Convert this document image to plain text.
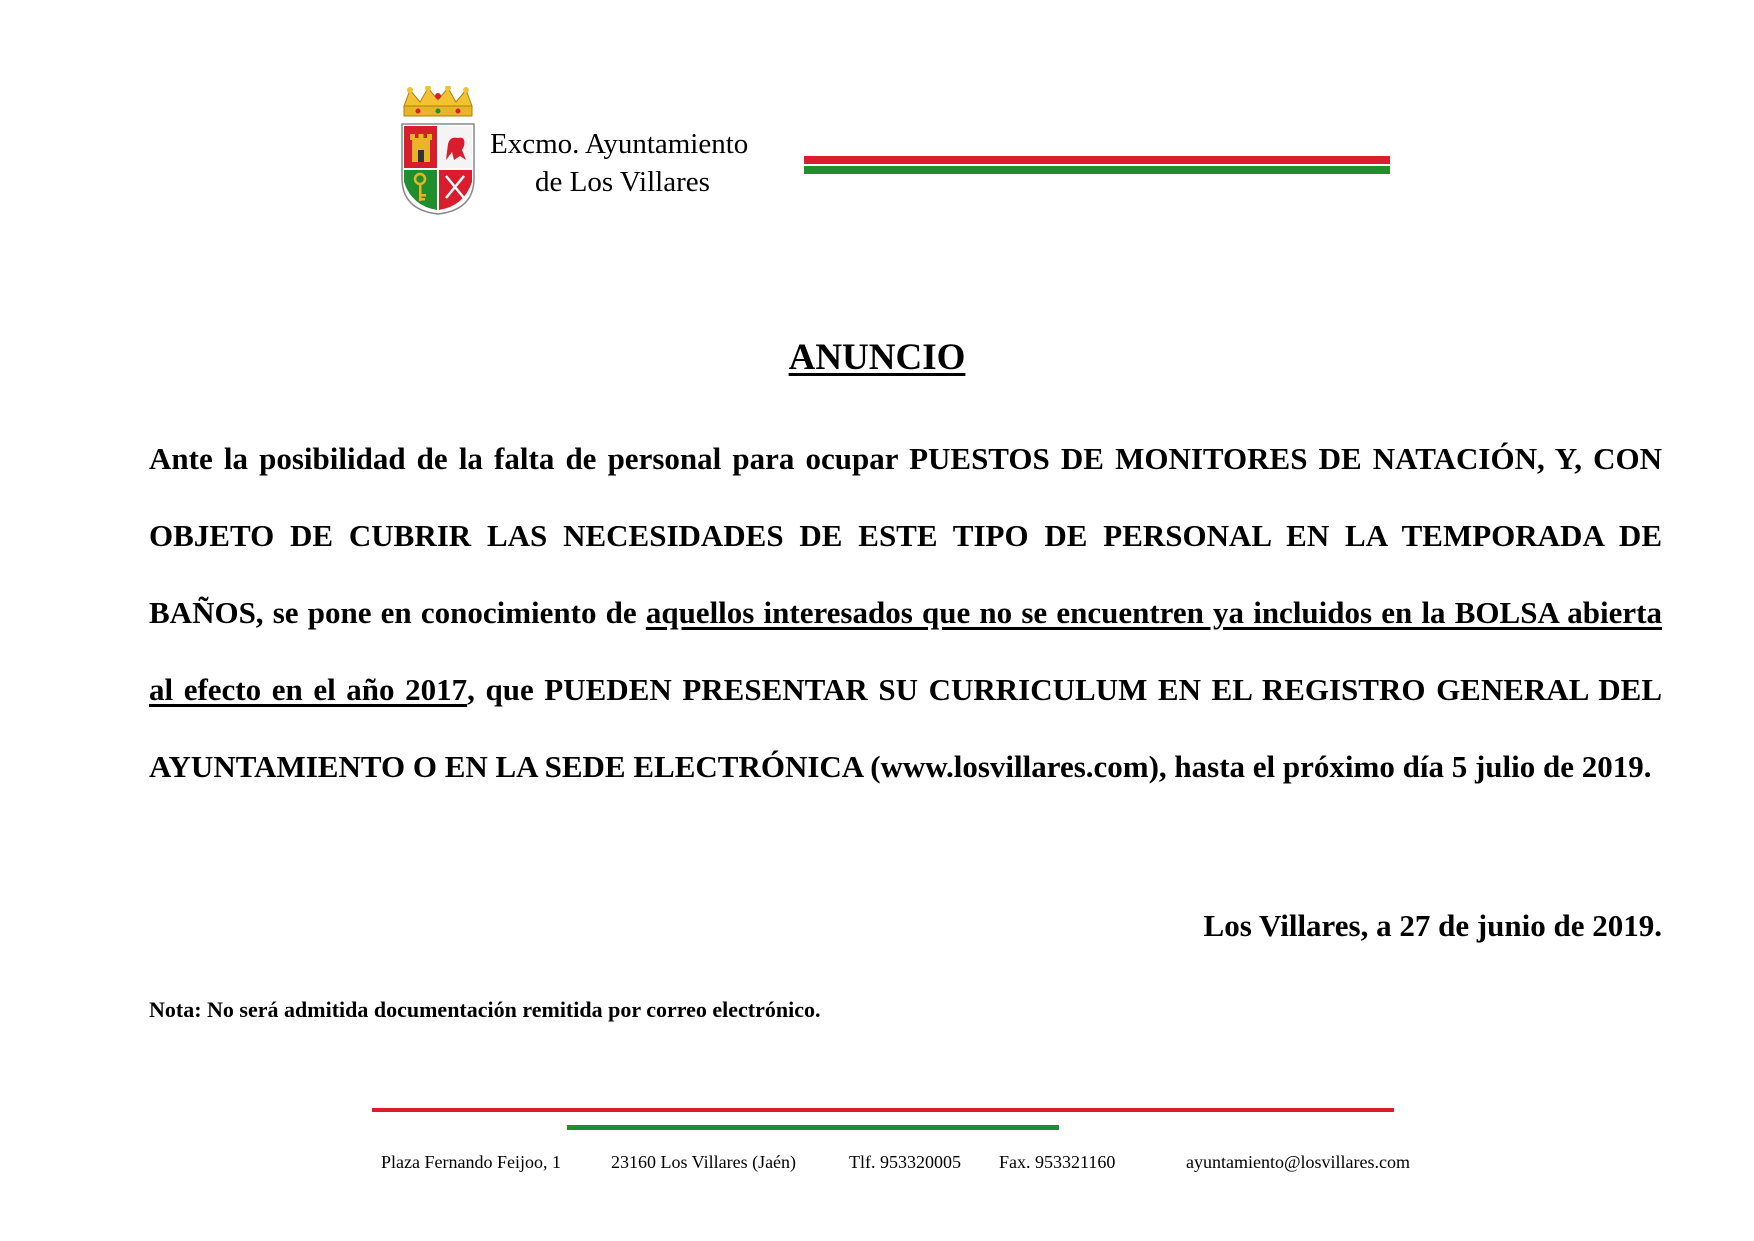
Excmo. Ayuntamiento
de Los Villares
ANUNCIO
Ante la posibilidad de la falta de personal para ocupar PUESTOS DE MONITORES DE NATACIÓN, Y, CON OBJETO DE CUBRIR LAS NECESIDADES DE ESTE TIPO DE PERSONAL EN LA TEMPORADA DE BAÑOS, se pone en conocimiento de aquellos interesados que no se encuentren ya incluidos en la BOLSA abierta al efecto en el año 2017, que PUEDEN PRESENTAR SU CURRICULUM EN EL REGISTRO GENERAL DEL AYUNTAMIENTO O EN LA SEDE ELECTRÓNICA (www.losvillares.com), hasta el próximo día 5 julio de 2019.
Los Villares, a 27 de junio de 2019.
Nota: No será admitida documentación remitida por correo electrónico.
Plaza Fernando Feijoo, 1	23160 Los Villares (Jaén)	Tlf. 953320005 Fax. 953321160	ayuntamiento@losvillares.com
